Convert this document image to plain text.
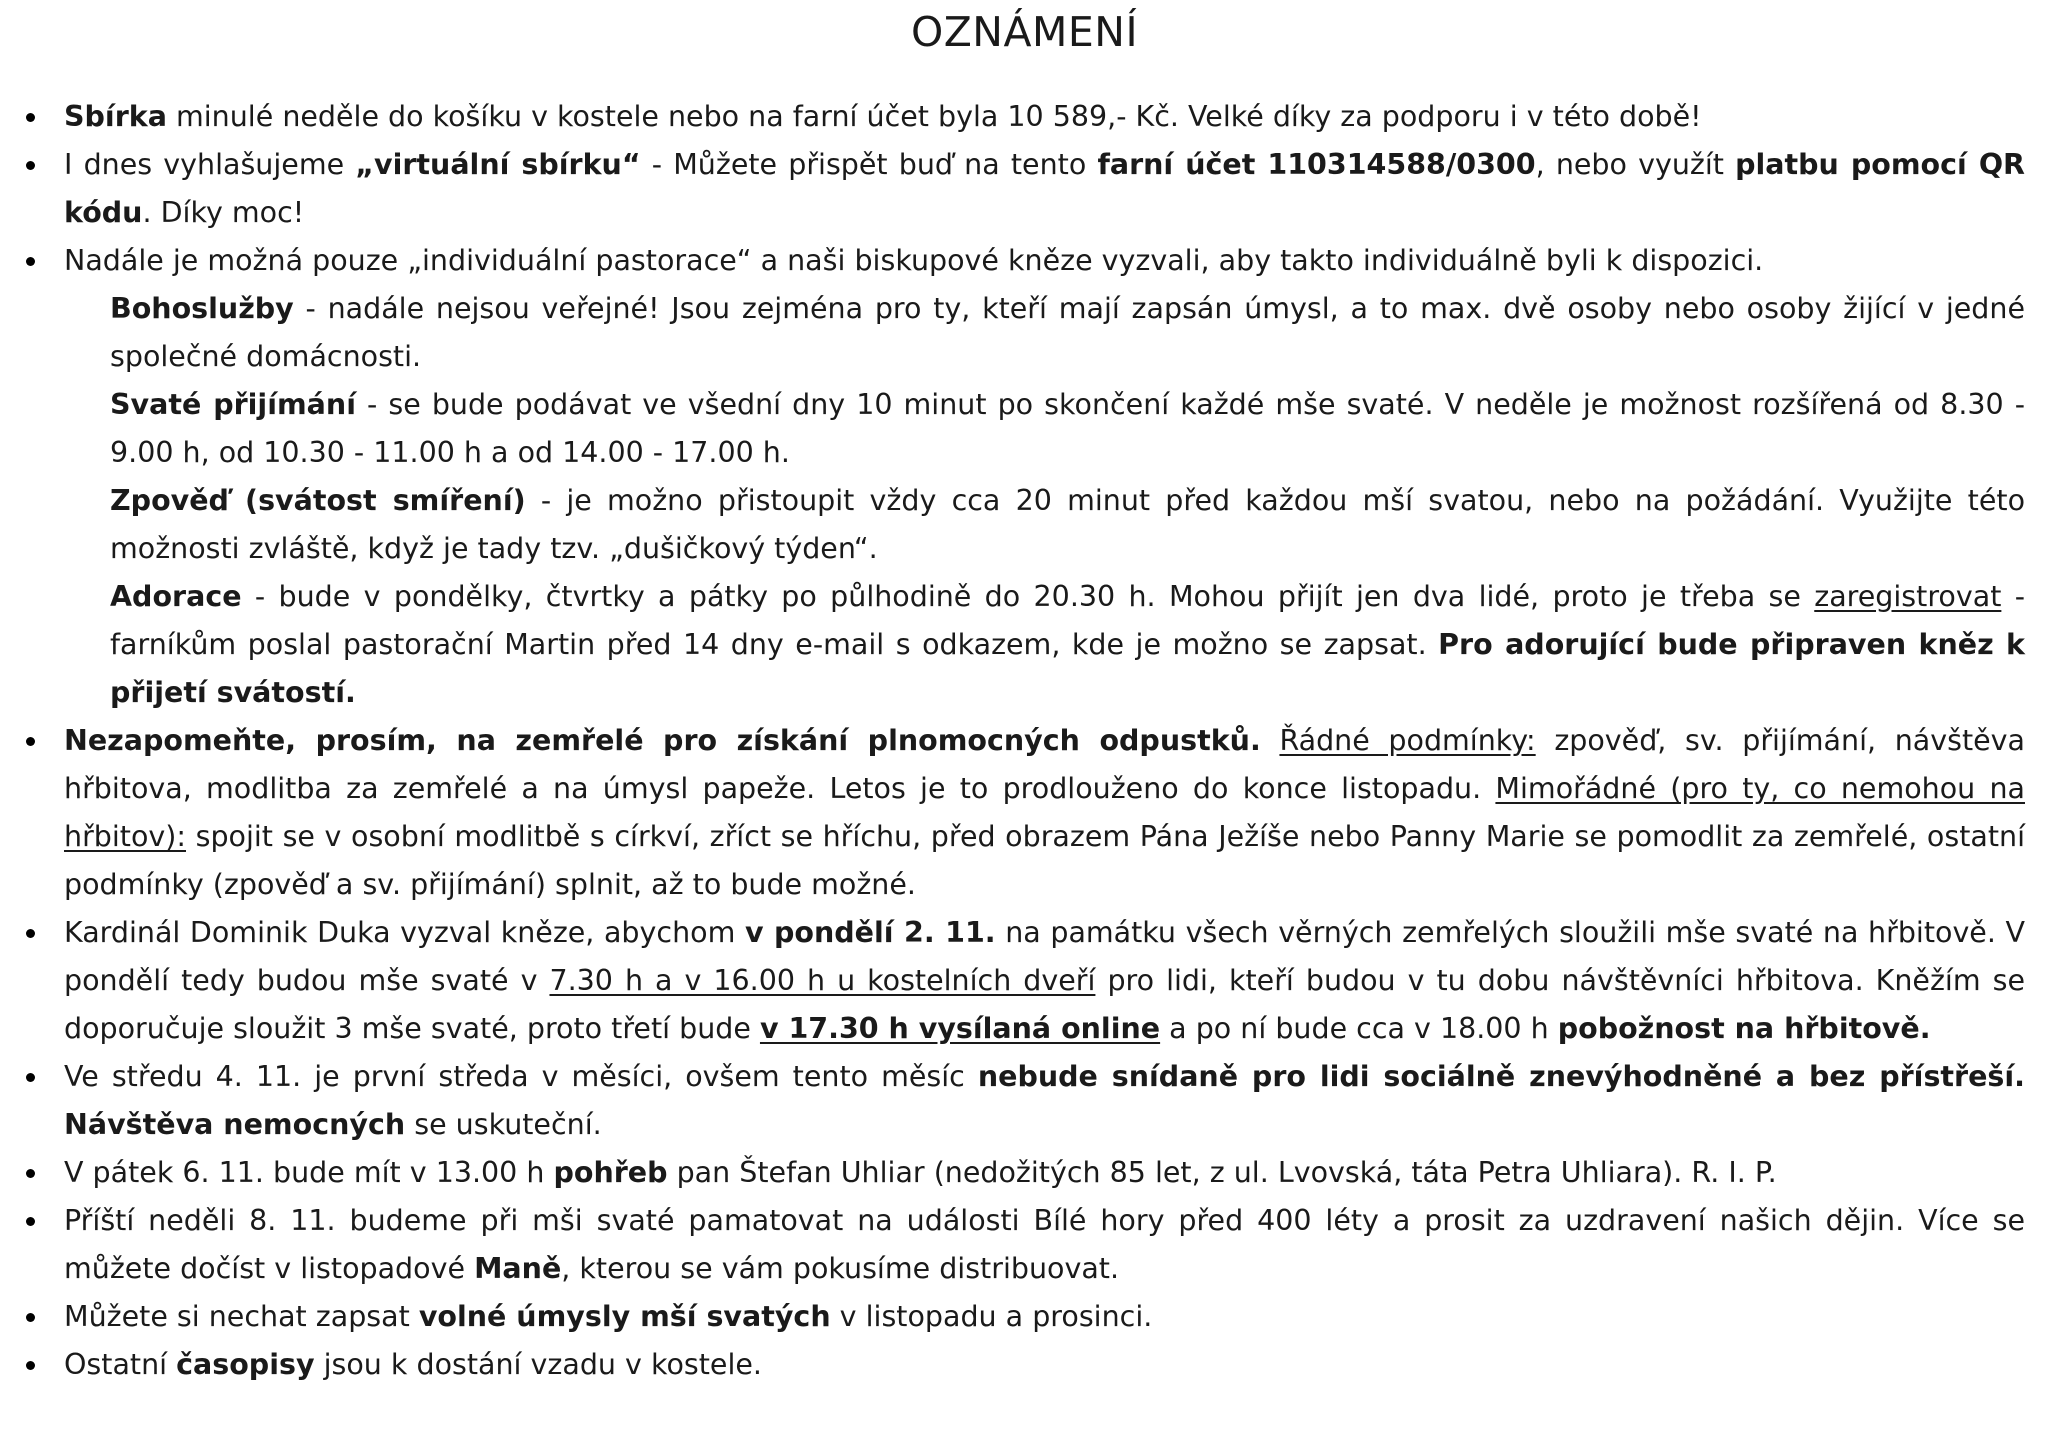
OZNÁMENÍ
Sbírka minulé neděle do košíku v kostele nebo na farní účet byla 10 589,- Kč. Velké díky za podporu i v této době!
I dnes vyhlašujeme „virtuální sbírku“ - Můžete přispět buď na tento farní účet 110314588/0300, nebo využít platbu pomocí QR kódu. Díky moc!
Nadále je možná pouze „individuální pastorace“ a naši biskupové kněze vyzvali, aby takto individuálně byli k dispozici.
Bohoslužby - nadále nejsou veřejné! Jsou zejména pro ty, kteří mají zapsán úmysl, a to max. dvě osoby nebo osoby žijící v jedné společné domácnosti.
Svaté přijímání - se bude podávat ve všední dny 10 minut po skončení každé mše svaté. V neděle je možnost rozšířená od 8.30 - 9.00 h, od 10.30 - 11.00 h a od 14.00 - 17.00 h.
Zpověď (svátost smíření) - je možno přistoupit vždy cca 20 minut před každou mší svatou, nebo na požádání. Využijte této možnosti zvláště, když je tady tzv. „dušičkový týden“.
Adorace - bude v pondělky, čtvrtky a pátky po půlhodině do 20.30 h. Mohou přijít jen dva lidé, proto je třeba se zaregistrovat - farníkům poslal pastorační Martin před 14 dny e-mail s odkazem, kde je možno se zapsat. Pro adorující bude připraven kněz k přijetí svátostí.
Nezapomeňte, prosím, na zemřelé pro získání plnomocných odpustků. Řádné podmínky: zpověď, sv. přijímání, návštěva hřbitova, modlitba za zemřelé a na úmysl papeže. Letos je to prodlouženo do konce listopadu. Mimořádné (pro ty, co nemohou na hřbitov): spojit se v osobní modlitbě s církví, zříct se hříchu, před obrazem Pána Ježíše nebo Panny Marie se pomodlit za zemřelé, ostatní podmínky (zpověď a sv. přijímání) splnit, až to bude možné.
Kardinál Dominik Duka vyzval kněze, abychom v pondělí 2. 11. na památku všech věrných zemřelých sloužili mše svaté na hřbitově. V pondělí tedy budou mše svaté v 7.30 h a v 16.00 h u kostelních dveří pro lidi, kteří budou v tu dobu návštěvníci hřbitova. Kněžím se doporučuje sloužit 3 mše svaté, proto třetí bude v 17.30 h vysílaná online a po ní bude cca v 18.00 h pobožnost na hřbitově.
Ve středu 4. 11. je první středa v měsíci, ovšem tento měsíc nebude snídaně pro lidi sociálně znevýhodněné a bez přístřeší. Návštěva nemocných se uskuteční.
V pátek 6. 11. bude mít v 13.00 h pohřeb pan Štefan Uhliar (nedožitých 85 let, z ul. Lvovská, táta Petra Uhliara). R. I. P.
Příští neděli 8. 11. budeme při mši svaté pamatovat na události Bílé hory před 400 léty a prosit za uzdravení našich dějin. Více se můžete dočíst v listopadové Maně, kterou se vám pokusíme distribuovat.
Můžete si nechat zapsat volné úmysly mší svatých v listopadu a prosinci.
Ostatní časopisy jsou k dostání vzadu v kostele.
